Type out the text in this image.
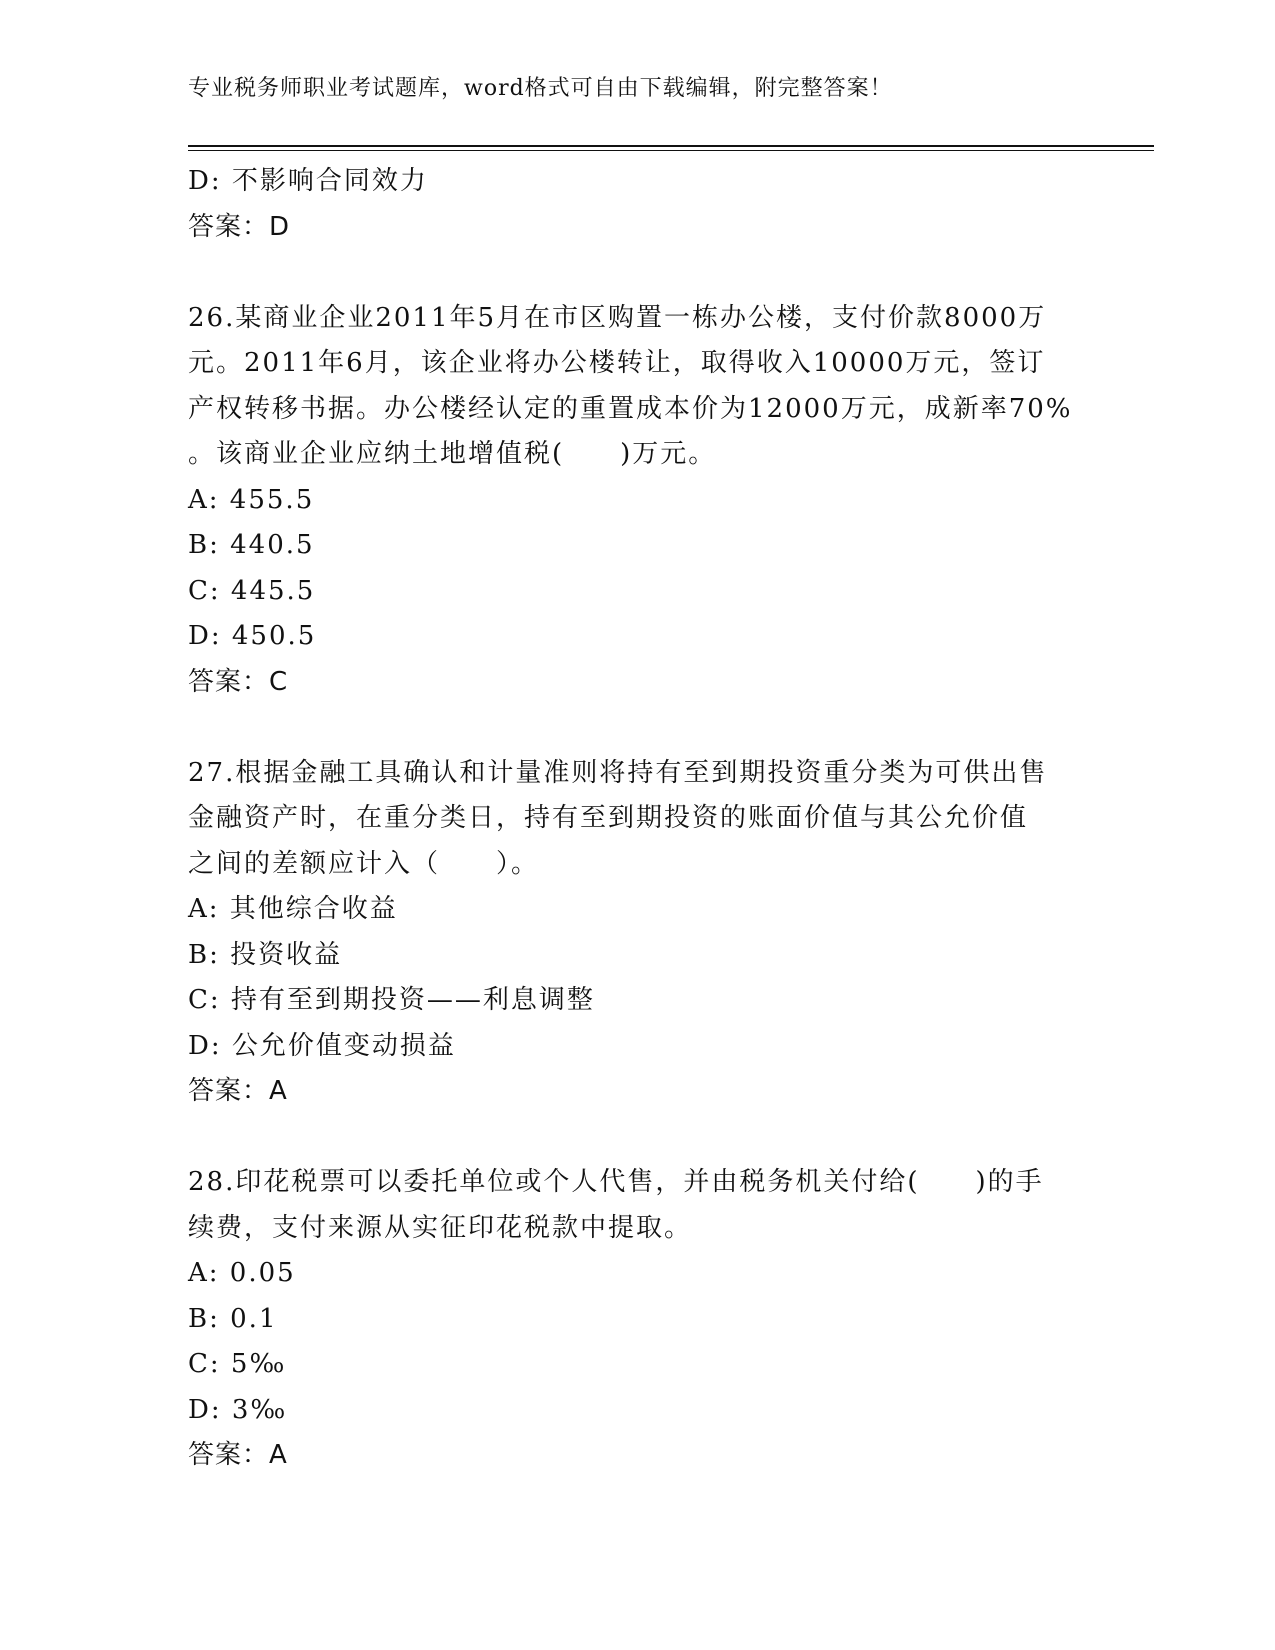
专业税务师职业考试题库，word格式可自由下载编辑，附完整答案！
D: 不影响合同效力
答案：D
26.某商业企业2011年5月在市区购置一栋办公楼，支付价款8000万
元。2011年6月，该企业将办公楼转让，取得收入10000万元，签订
产权转移书据。办公楼经认定的重置成本价为12000万元，成新率70%
。该商业企业应纳土地增值税(　　)万元。
A: 455.5
B: 440.5
C: 445.5
D: 450.5
答案：C
27.根据金融工具确认和计量准则将持有至到期投资重分类为可供出售
金融资产时，在重分类日，持有至到期投资的账面价值与其公允价值
之间的差额应计入（　　）。
A: 其他综合收益
B: 投资收益
C: 持有至到期投资——利息调整
D: 公允价值变动损益
答案：A
28.印花税票可以委托单位或个人代售，并由税务机关付给(　　)的手
续费，支付来源从实征印花税款中提取。
A: 0.05
B: 0.1
C: 5‰
D: 3‰
答案：A
